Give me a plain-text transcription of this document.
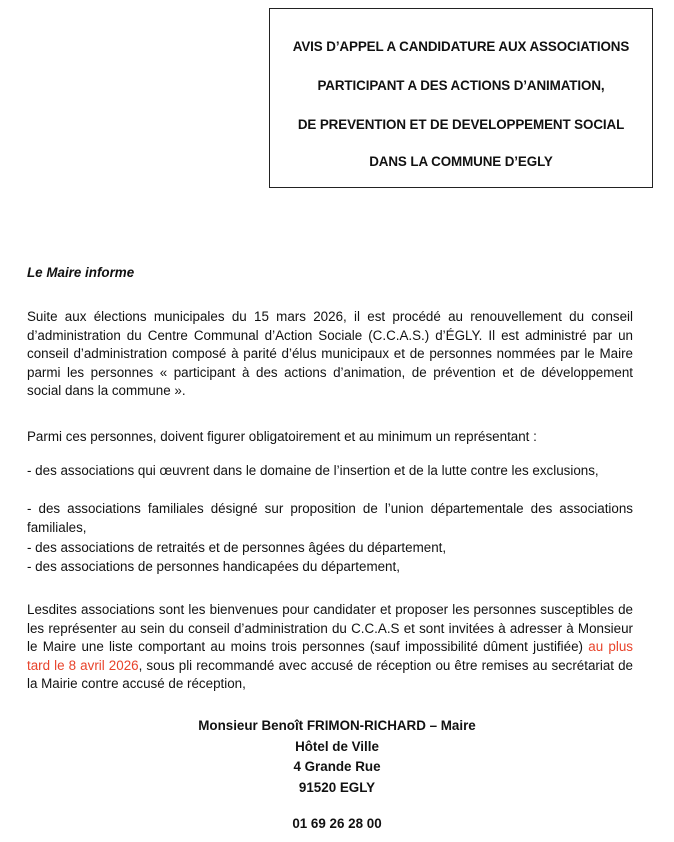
AVIS D’APPEL A CANDIDATURE AUX ASSOCIATIONS
PARTICIPANT A DES ACTIONS D’ANIMATION,
DE PREVENTION ET DE DEVELOPPEMENT SOCIAL
DANS LA COMMUNE D’EGLY
Le Maire informe
Suite aux élections municipales du 15 mars 2026, il est procédé au renouvellement du conseil d’administration du Centre Communal d’Action Sociale (C.C.A.S.) d’ÉGLY. Il est administré par un conseil d’administration composé à parité d’élus municipaux et de personnes nommées par le Maire parmi les personnes « participant à des actions d’animation, de prévention et de développement social dans la commune ».
Parmi ces personnes, doivent figurer obligatoirement et au minimum un représentant :
- des associations qui œuvrent dans le domaine de l’insertion et de la lutte contre les exclusions,
- des associations familiales désigné sur proposition de l’union départementale des associations familiales,
- des associations de retraités et de personnes âgées du département,
- des associations de personnes handicapées du département,
Lesdites associations sont les bienvenues pour candidater et proposer les personnes susceptibles de les représenter au sein du conseil d’administration du C.C.A.S et sont invitées à adresser à Monsieur le Maire une liste comportant au moins trois personnes (sauf impossibilité dûment justifiée) au plus tard le 8 avril 2026, sous pli recommandé avec accusé de réception ou être remises au secrétariat de la Mairie contre accusé de réception,
Monsieur Benoît FRIMON-RICHARD – Maire
Hôtel de Ville
4 Grande Rue
91520 EGLY
01 69 26 28 00
